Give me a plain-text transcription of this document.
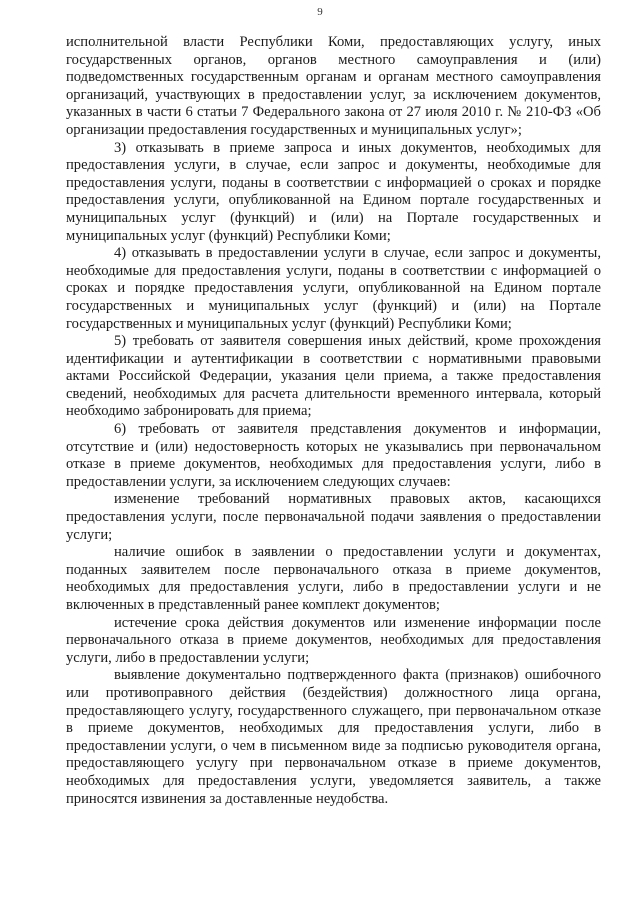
9

исполнительной власти Республики Коми, предоставляющих услугу, иных государственных органов, органов местного самоуправления и (или) подведомственных государственным органам и органам местного самоуправления организаций, участвующих в предоставлении услуг, за исключением документов, указанных в части 6 статьи 7 Федерального закона от 27 июля 2010 г. № 210-ФЗ «Об организации предоставления государственных и муниципальных услуг»;

3) отказывать в приеме запроса и иных документов, необходимых для предоставления услуги, в случае, если запрос и документы, необходимые для предоставления услуги, поданы в соответствии с информацией о сроках и порядке предоставления услуги, опубликованной на Едином портале государственных и муниципальных услуг (функций) и (или) на Портале государственных и муниципальных услуг (функций) Республики Коми;

4) отказывать в предоставлении услуги в случае, если запрос и документы, необходимые для предоставления услуги, поданы в соответствии с информацией о сроках и порядке предоставления услуги, опубликованной на Едином портале государственных и муниципальных услуг (функций) и (или) на Портале государственных и муниципальных услуг (функций) Республики Коми;

5) требовать от заявителя совершения иных действий, кроме прохождения идентификации и аутентификации в соответствии с нормативными правовыми актами Российской Федерации, указания цели приема, а также предоставления сведений, необходимых для расчета длительности временного интервала, который необходимо забронировать для приема;

6) требовать от заявителя представления документов и информации, отсутствие и (или) недостоверность которых не указывались при первоначальном отказе в приеме документов, необходимых для предоставления услуги, либо в предоставлении услуги, за исключением следующих случаев:

изменение требований нормативных правовых актов, касающихся предоставления услуги, после первоначальной подачи заявления о предоставлении услуги;

наличие ошибок в заявлении о предоставлении услуги и документах, поданных заявителем после первоначального отказа в приеме документов, необходимых для предоставления услуги, либо в предоставлении услуги и не включенных в представленный ранее комплект документов;

истечение срока действия документов или изменение информации после первоначального отказа в приеме документов, необходимых для предоставления услуги, либо в предоставлении услуги;

выявление документально подтвержденного факта (признаков) ошибочного или противоправного действия (бездействия) должностного лица органа, предоставляющего услугу, государственного служащего, при первоначальном отказе в приеме документов, необходимых для предоставления услуги, либо в предоставлении услуги, о чем в письменном виде за подписью руководителя органа, предоставляющего услугу при первоначальном отказе в приеме документов, необходимых для предоставления услуги, уведомляется заявитель, а также приносятся извинения за доставленные неудобства.
